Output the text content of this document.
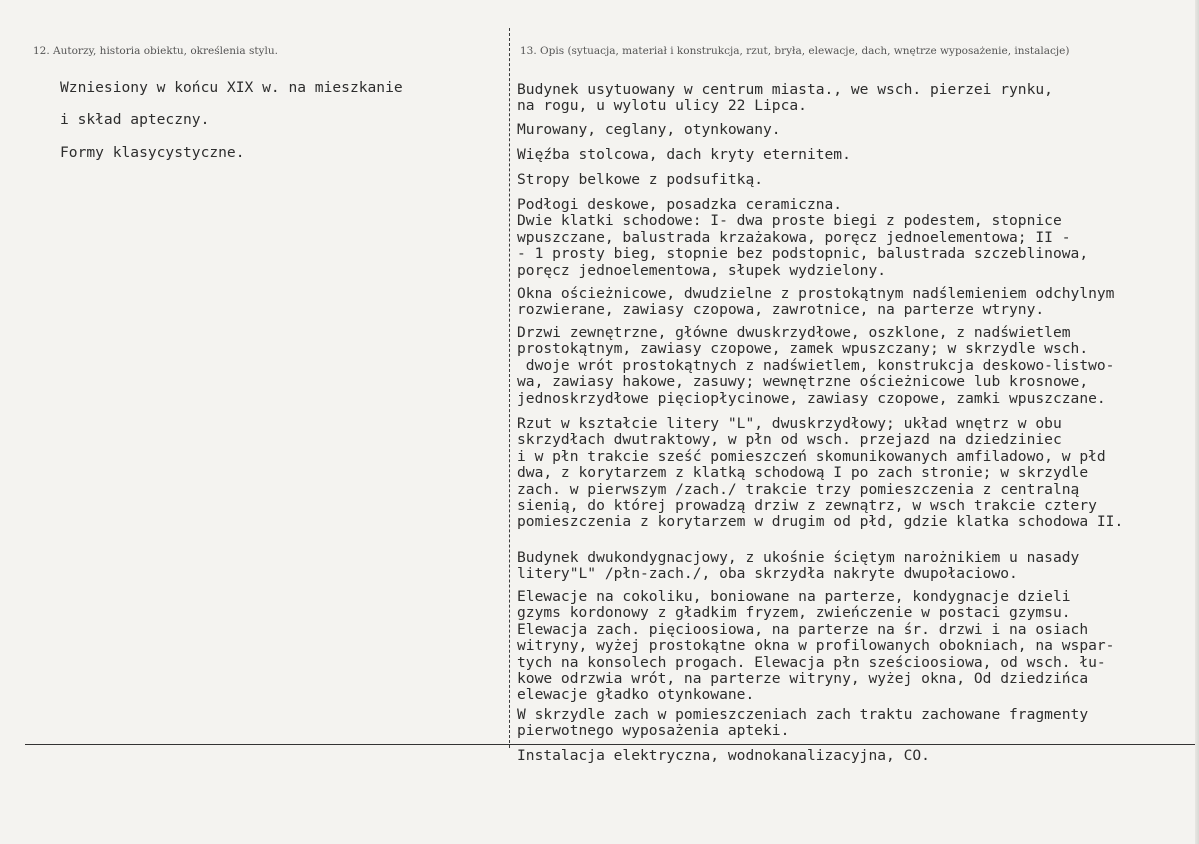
12. Autorzy, historia obiektu, określenia stylu.	13. Opis (sytuacja, materiał i konstrukcja, rzut, bryła, elewacje, dach, wnętrze wyposażenie, instalacje)
Wzniesiony w końcu XIX w. na mieszkanie
i skład apteczny.
Formy klasycystyczne.
Budynek usytuowany w centrum miasta., we wsch. pierzei rynku,
na rogu, u wylotu ulicy 22 Lipca.
Murowany, ceglany, otynkowany.
Więźba stolcowa, dach kryty eternitem.
Stropy belkowe z podsufitką.
Podłogi deskowe, posadzka ceramiczna.
Dwie klatki schodowe: I- dwa proste biegi z podestem, stopnice
wpuszczane, balustrada krzażakowa, poręcz jednoelementowa; II -
- 1 prosty bieg, stopnie bez podstopnic, balustrada szczeblinowa,
poręcz jednoelementowa, słupek wydzielony.
Okna ościeżnicowe, dwudzielne z prostokątnym nadślemieniem odchylnym
rozwierane, zawiasy czopowa, zawrotnice, na parterze wtryny.
Drzwi zewnętrzne, główne dwuskrzydłowe, oszklone, z nadświetlem
prostokątnym, zawiasy czopowe, zamek wpuszczany; w skrzydle wsch.
dwoje wrót prostokątnych z nadświetlem, konstrukcja deskowo-listwo-
wa, zawiasy hakowe, zasuwy; wewnętrzne ościeżnicowe lub krosnowe,
jednoskrzydłowe pięciopłycinowe, zawiasy czopowe, zamki wpuszczane.
Rzut w kształcie litery "L", dwuskrzydłowy; układ wnętrz w obu
skrzydłach dwutraktowy, w płn od wsch. przejazd na dziedziniec
i w płn trakcie sześć pomieszczeń skomunikowanych amfiladowo, w płd
dwa, z korytarzem z klatką schodową I po zach stronie; w skrzydle
zach. w pierwszym /zach./ trakcie trzy pomieszczenia z centralną
sienią, do której prowadzą drziw z zewnątrz, w wsch trakcie cztery
pomieszczenia z korytarzem w drugim od płd, gdzie klatka schodowa II.
Budynek dwukondygnacjowy, z ukośnie ściętym narożnikiem u nasady
litery"L" /płn-zach./, oba skrzydła nakryte dwupołaciowo.
Elewacje na cokoliku, boniowane na parterze, kondygnacje dzieli
gzyms kordonowy z gładkim fryzem, zwieńczenie w postaci gzymsu.
Elewacja zach. pięcioosiowa, na parterze na śr. drzwi i na osiach
witryny, wyżej prostokątne okna w profilowanych obokniach, na wspar-
tych na konsolech progach. Elewacja płn sześcioosiowa, od wsch. łu-
kowe odrzwia wrót, na parterze witryny, wyżej okna, Od dziedzińca
elewacje gładko otynkowane.
W skrzydle zach w pomieszczeniach zach traktu zachowane fragmenty
pierwotnego wyposażenia apteki.
Instalacja elektryczna, wodnokanalizacyjna, CO.
